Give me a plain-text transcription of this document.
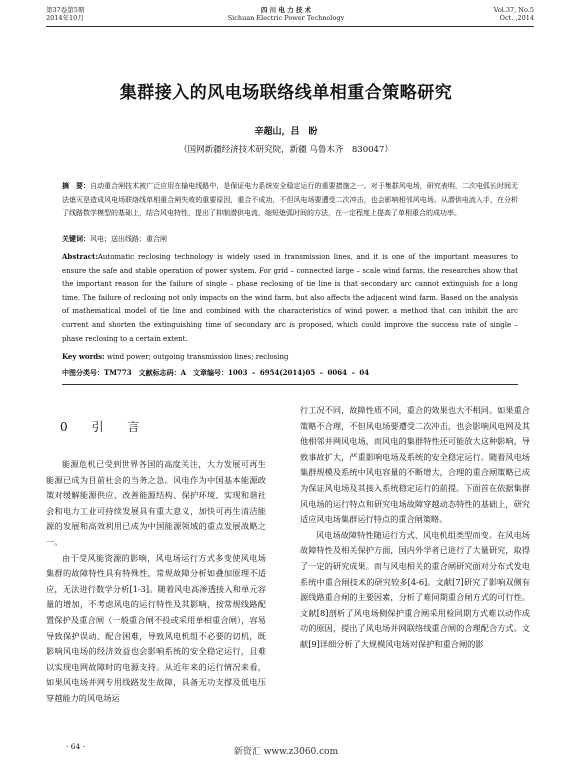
第37卷第5期
2014年10月
四 川 电 力 技 术
Sichuan Electric Power Technology
Vol.37, No.5
Oct. ,2014
集群接入的风电场联络线单相重合策略研究
辛超山，吕　盼
（国网新疆经济技术研究院，新疆 乌鲁木齐　830047）
摘　要：自动重合闸技术被广泛应用在输电线路中，是保证电力系统安全稳定运行的重要措施之一。对于集群风电场，研究表明，二次电弧长时间无法熄灭是造成风电场联络线单相重合闸失败的重要原因，重合不成功，不但风电场要遭受二次冲击，也会影响相邻风电场。从潜供电流入手，在分析了线路数学模型的基础上，结合风电特性，提出了抑制潜供电流，缩短熄弧时间的方法，在一定程度上提高了单相重合的成功率。
关键词：风电；送出线路；重合闸
Abstract:Automatic reclosing technology is widely used in transmission lines, and it is one of the important measures to ensure the safe and stable operation of power system. For grid – connected large – scale wind farms, the researches show that the important reason for the failure of single – phase reclosing of tie line is that secondary arc cannot extinguish for a long time. The failure of reclosing not only impacts on the wind farm, but also affects the adjacent wind farm. Based on the analysis of mathematical model of tie line and combined with the characteristics of wind power, a method that can inhibit the arc current and shorten the extinguishing time of secondary arc is proposed, which could improve the success rate of single – phase reclosing to a certain extent.
Key words: wind power; outgoing transmission lines; reclosing
中图分类号：TM773　文献标志码：A　文章编号：1003 – 6954(2014)05 – 0064 – 04
0 引 言

能源危机已受到世界各国的高度关注，大力发展可再生能源已成为目前社会的当务之急。风电作为中国基本能源政策对缓解能源供应、改善能源结构、保护环境、实现和谐社会和电力工业可持续发展具有重大意义，加快可再生清洁能源的发展和高效利用已成为中国能源领域的重点发展战略之一。

由于受风能资源的影响，风电场运行方式多变使风电场集群的故障特性具有特殊性，常规故障分析如叠加原理不适应，无法进行数学分析[1-3]。随着风电高渗透接入和单元容量的增加，不考虑风电的运行特性及其影响，按常规线路配置保护及重合闸（一般重合闸不投或采用单相重合闸），容易导致保护误动、配合困难，导致风电机组不必要的切机，既影响风电场的经济效益也会影响系统的安全稳定运行，且难以实现电网故障时的电源支持。从近年来的运行情况来看，如果风电场并网专用线路发生故障，具备无功支撑及低电压穿越能力的风电场运

行工况不同，故障性质不同，重合的效果也大不相同。如果重合策略不合理，不但风电场要遭受二次冲击，也会影响风电网及其他相邻并网风电场，而风电的集群特性还可能放大这种影响，导致事故扩大，严重影响电场及系统的安全稳定运行。随着风电场集群规模及系统中风电容量的不断增大，合理的重合闸策略已成为保证风电场及其接入系统稳定运行的前提。下面首在依据集群风电场的运行特点和研究电场故障穿越动态特性的基础上，研究适应风电场集群运行特点的重合闸策略。

风电场故障特性随运行方式、风电机组类型而变。在风电场故障特性及相关保护方面，国内外学者已进行了大量研究，取得了一定的研究成果。而与风电相关的重合闸研究面对分布式发电系统中重合闸技术的研究较多[4-6]。文献[7]研究了影响双侧有源线路重合闸的主要因素，分析了难同期重合闸方式的可行性。文献[8]剖析了风电场侧保护重合闸采用检同期方式难以动作成功的原因，提出了风电场并网联络线重合闸的合理配合方式。文献[9]详细分析了大规模风电场对保护和重合闸的影

· 64 ·
新资汇 www.z3060.com
